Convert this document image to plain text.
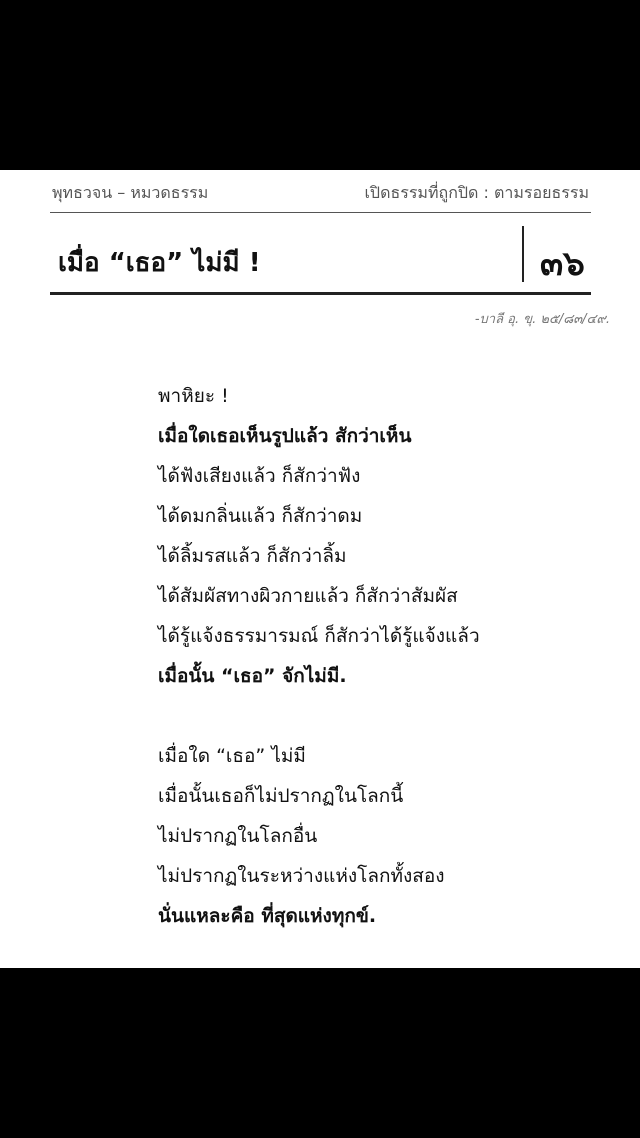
พุทธวจน – หมวดธรรม	เปิดธรรมที่ถูกปิด : ตามรอยธรรม
เมื่อ “เธอ” ไม่มี !	๓๖
-บาลี อุ. ขุ. ๒๕/๘๓/๔๙.
พาหิยะ !
เมื่อใดเธอเห็นรูปแล้ว สักว่าเห็น
ได้ฟังเสียงแล้ว ก็สักว่าฟัง
ได้ดมกลิ่นแล้ว ก็สักว่าดม
ได้ลิ้มรสแล้ว ก็สักว่าลิ้ม
ได้สัมผัสทางผิวกายแล้ว ก็สักว่าสัมผัส
ได้รู้แจ้งธรรมารมณ์ ก็สักว่าได้รู้แจ้งแล้ว
เมื่อนั้น “เธอ” จักไม่มี.
เมื่อใด “เธอ” ไม่มี
เมื่อนั้นเธอก็ไม่ปรากฏในโลกนี้
ไม่ปรากฏในโลกอื่น
ไม่ปรากฏในระหว่างแห่งโลกทั้งสอง
นั่นแหละคือ ที่สุดแห่งทุกข์.
